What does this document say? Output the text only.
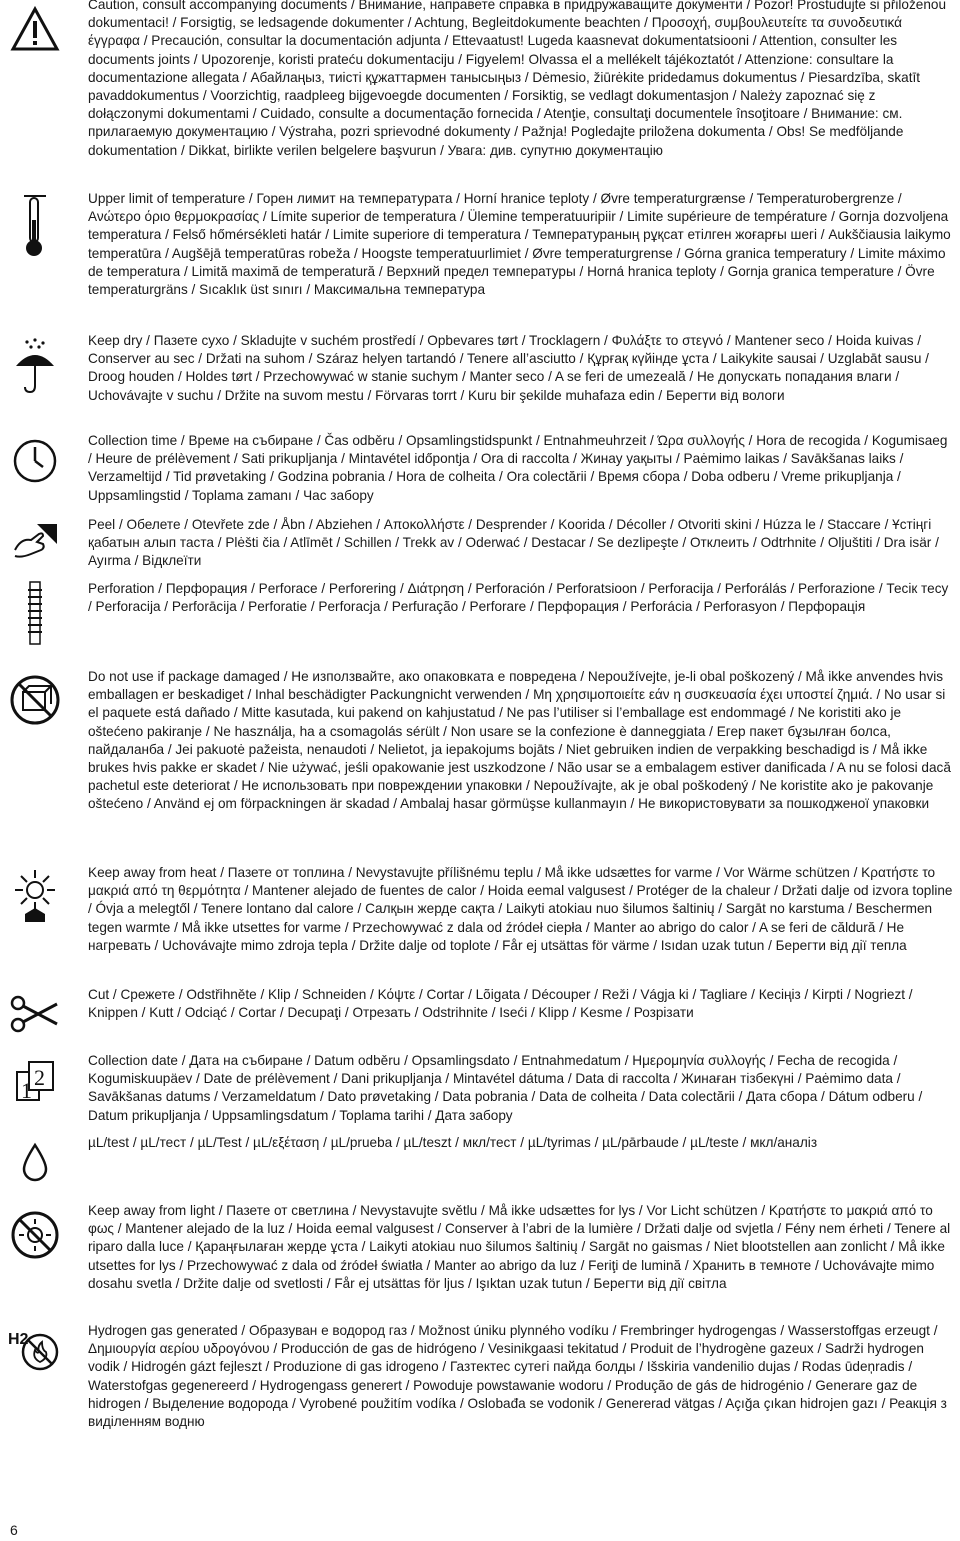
Caution, consult accompanying documents / Внимание, направете справка в придружаващите документи / Pozor! Prostudujte si přiloženou dokumentaci! / Forsigtig, se ledsagende dokumenter / Achtung, Begleitdokumente beachten / Προσοχή, συμβουλευτείτε τα συνοδευτικά έγγραφα / Precaución, consultar la documentación adjunta / Ettevaatust! Lugeda kaasnevat dokumentatsiooni / Attention, consulter les documents joints / Upozorenje, koristi prateću dokumentaciju / Figyelem! Olvassa el a mellékelt tájékoztatót / Attenzione: consultare la documentazione allegata / Абайлаңыз, тиісті құжаттармен танысыңыз / Dėmesio, žiūrėkite pridedamus dokumentus / Piesardzība, skatīt pavaddokumentus / Voorzichtig, raadpleeg bijgevoegde documenten / Forsiktig, se vedlagt dokumentasjon / Należy zapoznać się z dołączonymi dokumentami / Cuidado, consulte a documentação fornecida / Atenţie, consultaţi documentele însoţitoare / Внимание: см. прилагаемую документацию / Výstraha, pozri sprievodné dokumenty / Pažnja! Pogledajte priložena dokumenta / Obs! Se medföljande dokumentation / Dikkat, birlikte verilen belgelere başvurun / Увага: див. супутню документацію

Upper limit of temperature / Горен лимит на температурата / Horní hranice teploty / Øvre temperaturgrænse / Temperaturobergrenze / Ανώτερο όριο θερμοκρασίας / Límite superior de temperatura / Ülemine temperatuuripiir / Limite supérieure de température / Gornja dozvoljena temperatura / Felső hőmérsékleti határ / Limite superiore di temperatura / Температураның рұқсат етілген жоғарғы шегі / Aukščiausia laikymo temperatūra / Augšējā temperatūras robeža / Hoogste temperatuurlimiet / Øvre temperaturgrense / Górna granica temperatury / Limite máximo de temperatura / Limită maximă de temperatură / Верхний предел температуры / Horná hranica teploty / Gornja granica temperature / Övre temperaturgräns / Sıcaklık üst sınırı / Максимальна температура

Keep dry / Пазете сухо / Skladujte v suchém prostředí / Opbevares tørt / Trocklagern / Φυλάξτε το στεγνό / Mantener seco / Hoida kuivas / Conserver au sec / Držati na suhom / Száraz helyen tartandó / Tenere all’asciutto / Құрғақ күйінде ұста / Laikykite sausai / Uzglabāt sausu / Droog houden / Holdes tørt / Przechowywać w stanie suchym / Manter seco / A se feri de umezeală / Не допускать попадания влаги / Uchovávajte v suchu / Držite na suvom mestu / Förvaras torrt / Kuru bir şekilde muhafaza edin / Берегти від вологи

Collection time / Време на събиране / Čas odběru / Opsamlingstidspunkt / Entnahmeuhrzeit / Ώρα συλλογής / Hora de recogida / Kogumisaeg / Heure de prélèvement / Sati prikupljanja / Mintavétel időpontja / Ora di raccolta / Жинау уақыты / Paėmimo laikas / Savākšanas laiks / Verzameltijd / Tid prøvetaking / Godzina pobrania / Hora de colheita / Ora colectării / Время сбора / Doba odberu / Vreme prikupljanja / Uppsamlingstid / Toplama zamanı / Час забору

Peel / Обелете / Otevřete zde / Åbn / Abziehen / Αποκολλήστε / Desprender / Koorida / Décoller / Otvoriti skini / Húzza le / Staccare / Ұстіңгі қабатын алып таста / Plėšti čia / Atlīmēt / Schillen / Trekk av / Oderwać / Destacar / Se dezlipeşte / Отклеить / Odtrhnite / Oljuštiti / Dra isär / Ayırma / Відклеїти

Perforation / Перфорация / Perforace / Perforering / Διάτρηση / Perforación / Perforatsioon / Perforacija / Perforálás / Perforazione / Тесік тесу / Perforacija / Perforācija / Perforatie / Perforacja / Perfuração / Perforare / Перфорация / Perforácia / Perforasyon / Перфорація

Do not use if package damaged / Не използвайте, ако опаковката е повредена / Nepoužívejte, je-li obal poškozený / Må ikke anvendes hvis emballagen er beskadiget / Inhal beschädigter Packungnicht verwenden / Μη χρησιμοποιείτε εάν η συσκευασία έχει υποστεί ζημιά. / No usar si el paquete está dañado / Mitte kasutada, kui pakend on kahjustatud / Ne pas l’utiliser si l’emballage est endommagé / Ne koristiti ako je oštećeno pakiranje / Ne használja, ha a csomagolás sérült / Non usare se la confezione è danneggiata / Егер пакет бұзылған болса, пайдаланба / Jei pakuotė pažeista, nenaudoti / Nelietot, ja iepakojums bojāts / Niet gebruiken indien de verpakking beschadigd is / Må ikke brukes hvis pakke er skadet / Nie używać, jeśli opakowanie jest uszkodzone / Não usar se a embalagem estiver danificada / A nu se folosi dacă pachetul este deteriorat / Не использовать при повреждении упаковки / Nepoužívajte, ak je obal poškodený / Ne koristite ako je pakovanje oštećeno / Använd ej om förpackningen är skadad / Ambalaj hasar görmüşse kullanmayın / Не використовувати за пошкодженої упаковки

Keep away from heat / Пазете от топлина / Nevystavujte přílišnému teplu / Må ikke udsættes for varme / Vor Wärme schützen / Κρατήστε το μακριά από τη θερμότητα / Mantener alejado de fuentes de calor / Hoida eemal valgusest / Protéger de la chaleur / Držati dalje od izvora topline / Óvja a melegtől / Tenere lontano dal calore / Салқын жерде сақта / Laikyti atokiau nuo šilumos šaltinių / Sargāt no karstuma / Beschermen tegen warmte / Må ikke utsettes for varme / Przechowywać z dala od źródeł ciepła / Manter ao abrigo do calor / A se feri de căldură / Не нагревать / Uchovávajte mimo zdroja tepla / Držite dalje od toplote / Får ej utsättas för värme / Isıdan uzak tutun / Берегти від дії тепла

Cut / Срежете / Odstřihněte / Klip / Schneiden / Κόψτε / Cortar / Lõigata / Découper / Reži / Vágja ki / Tagliare / Кесіңіз / Kirpti / Nogriezt / Knippen / Kutt / Odciąć / Cortar / Decupaţi / Отрезать / Odstrihnite / Iseći / Klipp / Kesme / Розрізати

1
2

Collection date / Дата на събиране / Datum odběru / Opsamlingsdato / Entnahmedatum / Ημερομηνία συλλογής / Fecha de recogida / Kogumiskuupäev / Date de prélèvement / Dani prikupljanja / Mintavétel dátuma / Data di raccolta / Жинаған тізбекүні / Paėmimo data / Savākšanas datums / Verzameldatum / Dato prøvetaking / Data pobrania / Data de colheita / Data colectării / Дата сбора / Dátum odberu / Datum prikupljanja / Uppsamlingsdatum / Toplama tarihi / Дата забору

µL/test / µL/тест / µL/Test / µL/εξέταση / µL/prueba / µL/teszt / мкл/тест / µL/tyrimas / µL/pārbaude / µL/teste / мкл/аналіз

Keep away from light / Пазете от светлина / Nevystavujte světlu / Må ikke udsættes for lys / Vor Licht schützen / Κρατήστε το μακριά από το φως / Mantener alejado de la luz / Hoida eemal valgusest / Conserver à l’abri de la lumière / Držati dalje od svjetla / Fény nem érheti / Tenere al riparo dalla luce / Қараңғылаған жерде ұста / Laikyti atokiau nuo šilumos šaltinių / Sargāt no gaismas / Niet blootstellen aan zonlicht / Må ikke utsettes for lys / Przechowywać z dala od źródeł światła / Manter ao abrigo da luz / Feriţi de lumină / Хранить в темноте / Uchovávajte mimo dosahu svetla / Držite dalje od svetlosti / Får ej utsättas för ljus / Işıktan uzak tutun / Берегти від дії світла

H2

Hydrogen gas generated / Образуван е водород газ / Možnost úniku plynného vodíku / Frembringer hydrogengas / Wasserstoffgas erzeugt / Δημιουργία αερίου υδρογόνου / Producción de gas de hidrógeno / Vesinikgaasi tekitatud / Produit de l’hydrogène gazeux / Sadrži hydrogen vodik / Hidrogén gázt fejleszt / Produzione di gas idrogeno / Газтектес сутегі пайда болды / Išskiria vandenilio dujas / Rodas ūdeņradis / Waterstofgas gegenereerd / Hydrogengass generert / Powoduje powstawanie wodoru / Produção de gás de hidrogénio / Generare gaz de hidrogen / Выделение водорода / Vyrobené použitím vodíka / Oslobađa se vodonik / Genererad vätgas / Açığa çıkan hidrojen gazı / Реакція з виділенням водню

6
